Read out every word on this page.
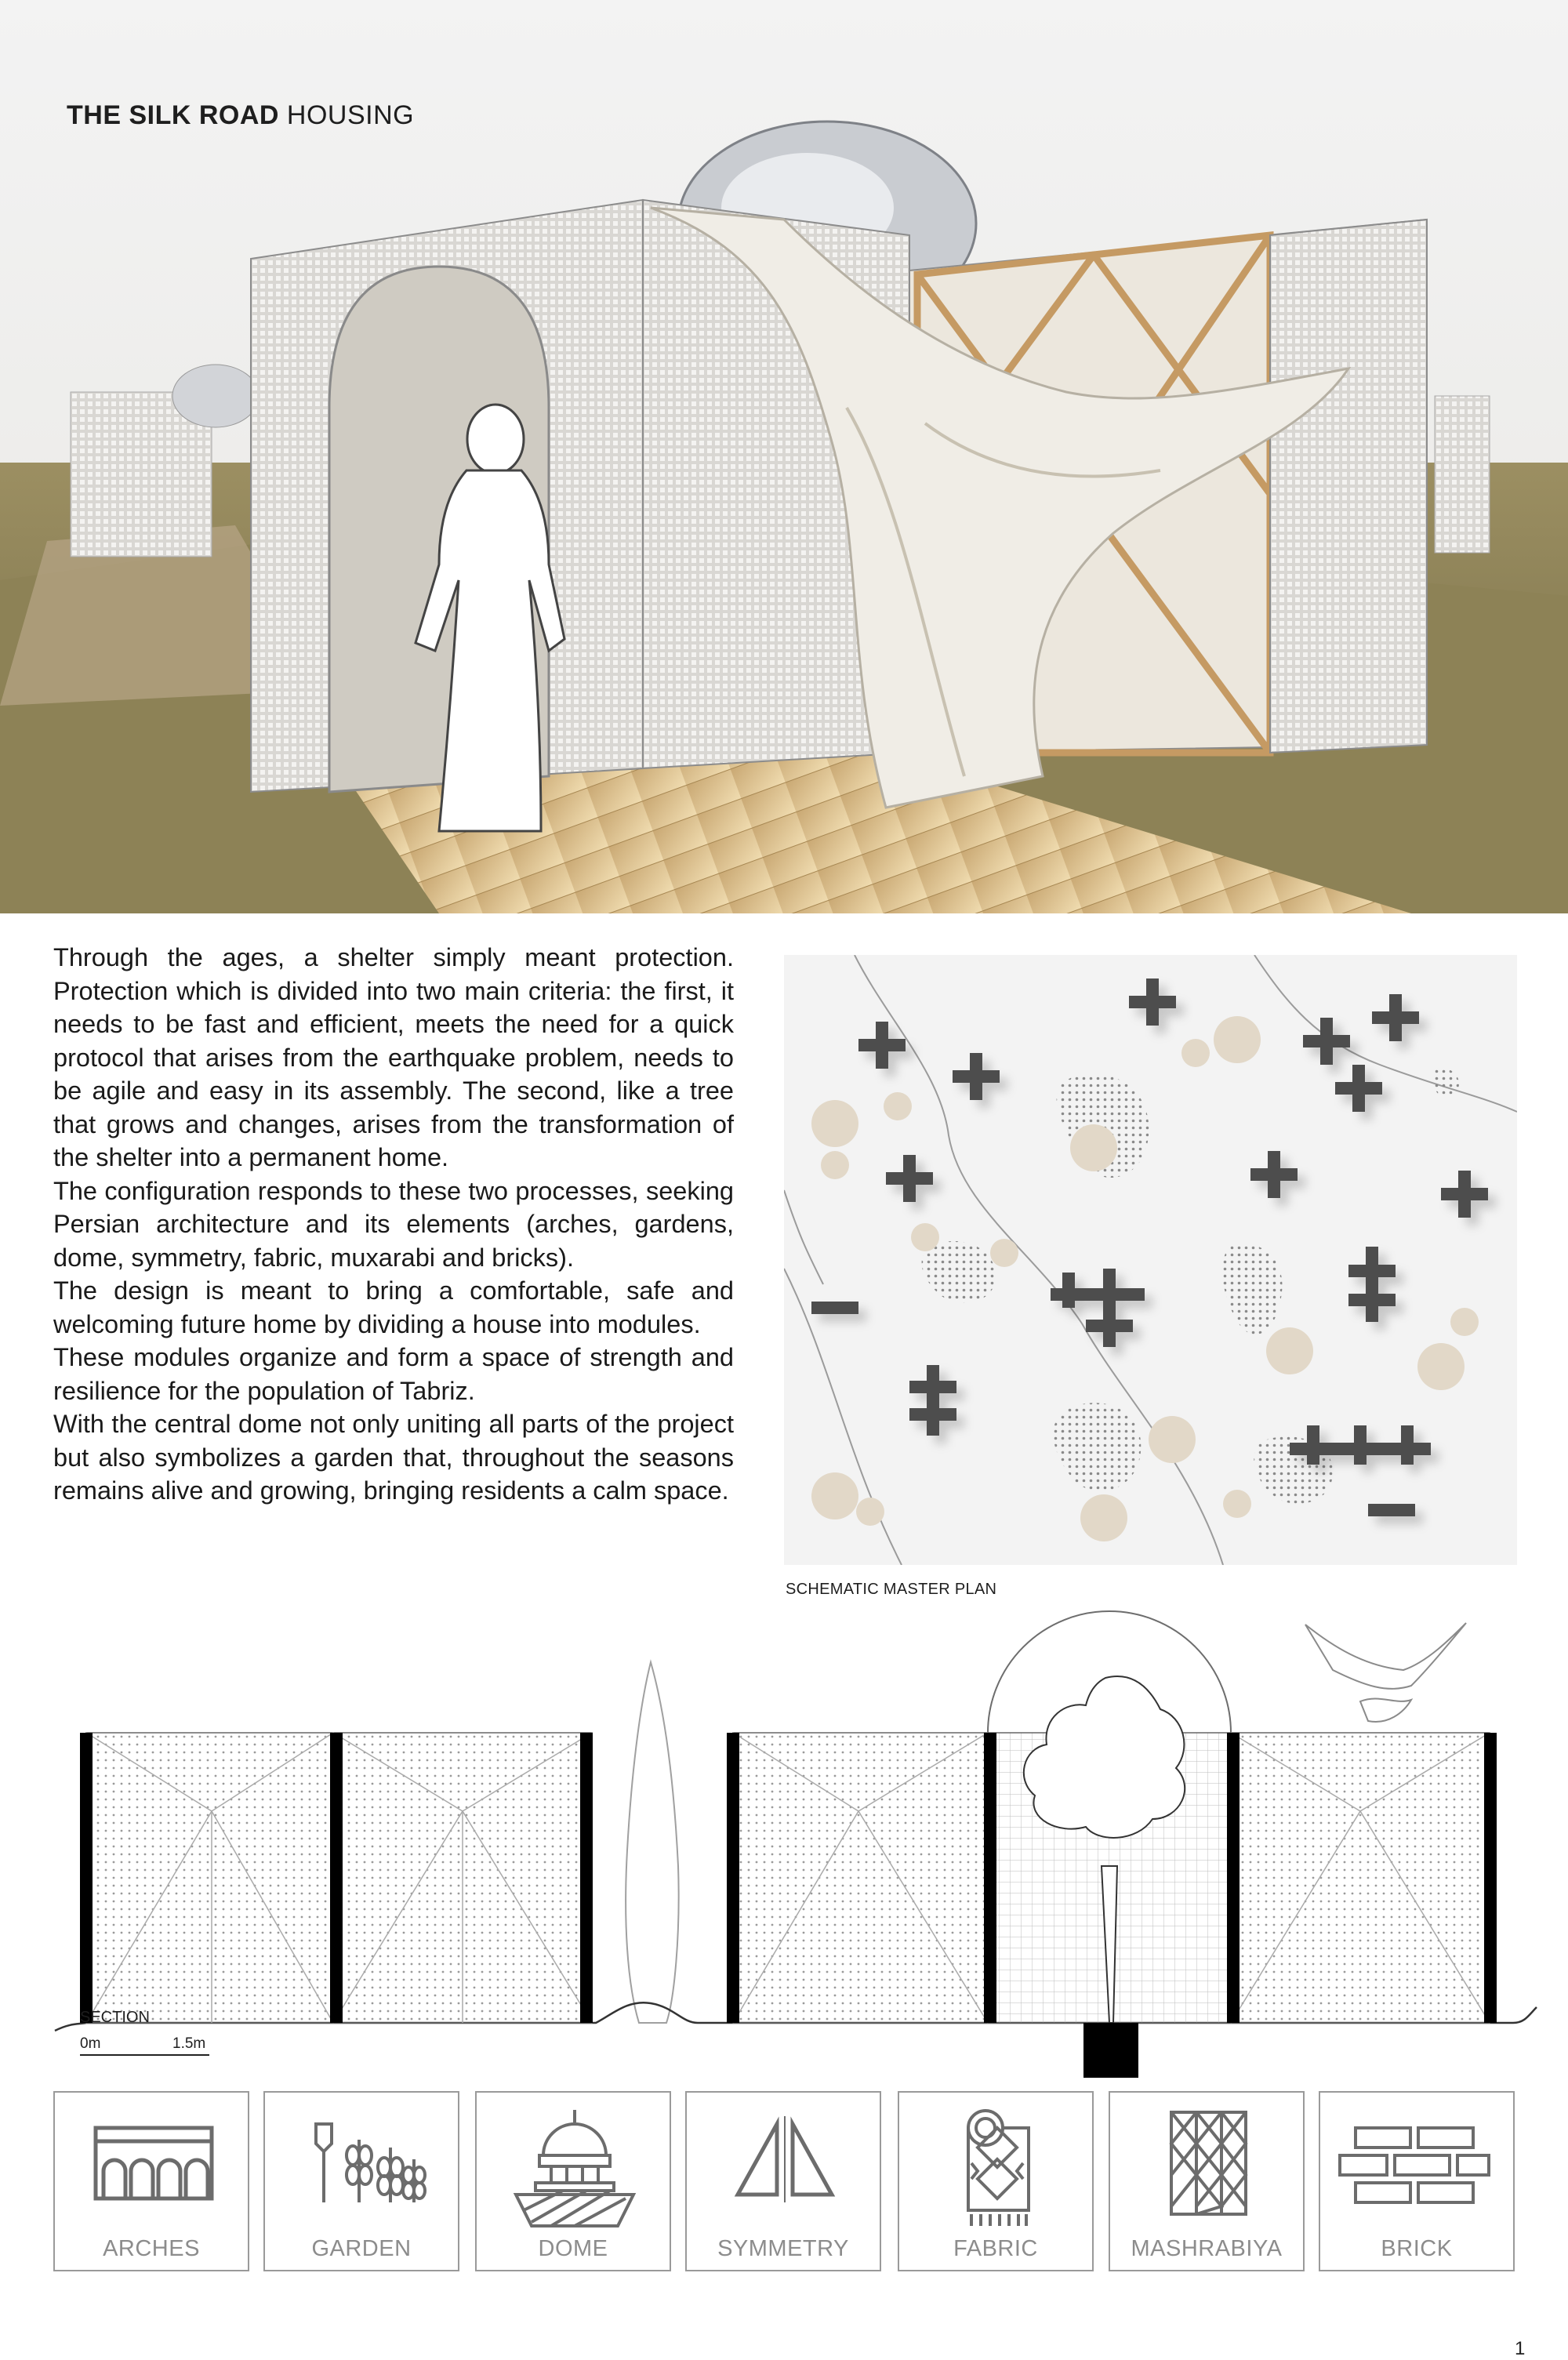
THE SILK ROAD HOUSING

Through the ages, a shelter simply meant protection. Protection which is divided into two main criteria: the first, it needs to be fast and efficient, meets the need for a quick protocol that arises from the earthquake problem, needs to be agile and easy in its assembly. The second, like a tree that grows and changes, arises from the transformation of the shelter into a permanent home.

The configuration responds to these two processes, seeking Persian architecture and its elements (arches, gardens, dome, symmetry, fabric, muxarabi and bricks).

The design is meant to bring a comfortable, safe and welcoming future home by dividing a house into modules.

These modules organize and form a space of strength and resilience for the population of Tabriz.

With the central dome not only uniting all parts of the project but also symbolizes a garden that, throughout the seasons remains alive and growing, bringing residents a calm space.

SCHEMATIC MASTER PLAN
SECTION
0m	1.5m
ARCHES	GARDEN	DOME	SYMMETRY	FABRIC	MASHRABIYA	BRICK
1
